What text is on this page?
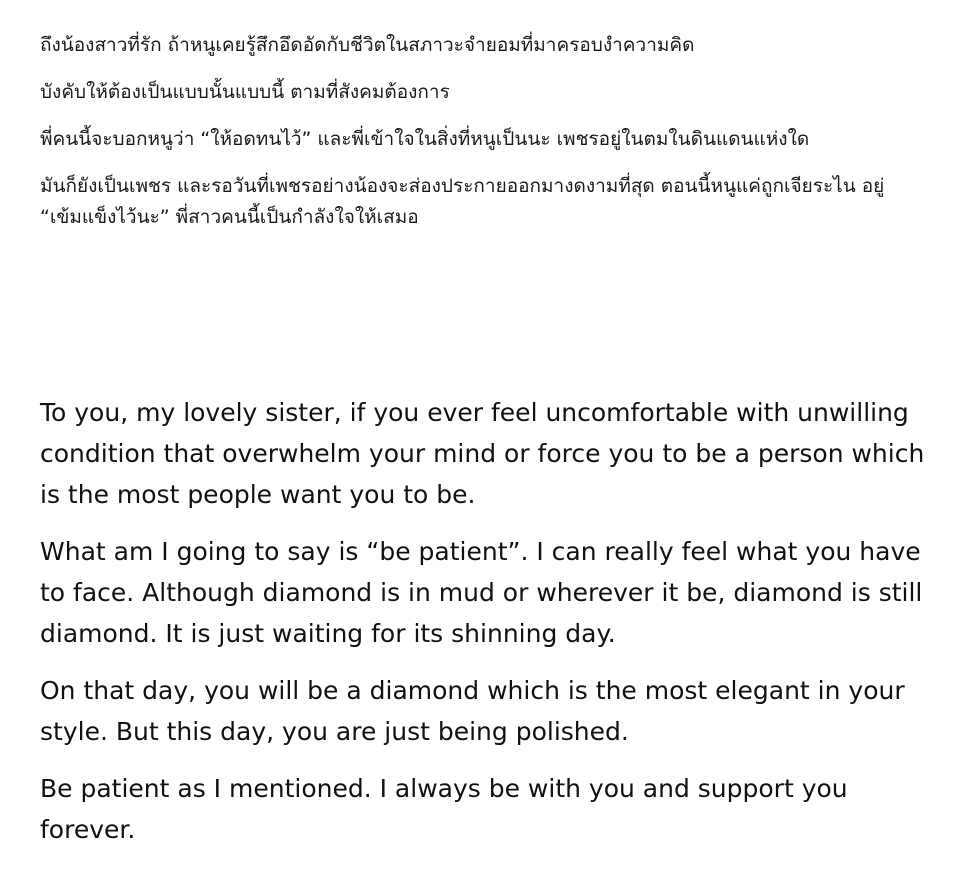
ถึงน้องสาวที่รัก ถ้าหนูเคยรู้สึกอึดอัดกับชีวิตในสภาวะจำยอมที่มาครอบงำความคิด

บังคับให้ต้องเป็นแบบนั้นแบบนี้ ตามที่สังคมต้องการ

พี่คนนี้จะบอกหนูว่า “ให้อดทนไว้” และพี่เข้าใจในสิ่งที่หนูเป็นนะ เพชรอยู่ในตมในดินแดนแห่งใด

มันก็ยังเป็นเพชร และรอวันที่เพชรอย่างน้องจะส่องประกายออกมางดงามที่สุด ตอนนี้หนูแค่ถูกเจียระไน อยู่ “เข้มแข็งไว้นะ” พี่สาวคนนี้เป็นกำลังใจให้เสมอ

To you, my lovely sister, if you ever feel uncomfortable with unwilling condition that overwhelm your mind or force you to be a person which is the most people want you to be.

What am I going to say is “be patient”. I can really feel what you have to face. Although diamond is in mud or wherever it be, diamond is still diamond. It is just waiting for its shinning day.

On that day, you will be a diamond which is the most elegant in your style. But this day, you are just being polished.

Be patient as I mentioned. I always be with you and support you forever.
